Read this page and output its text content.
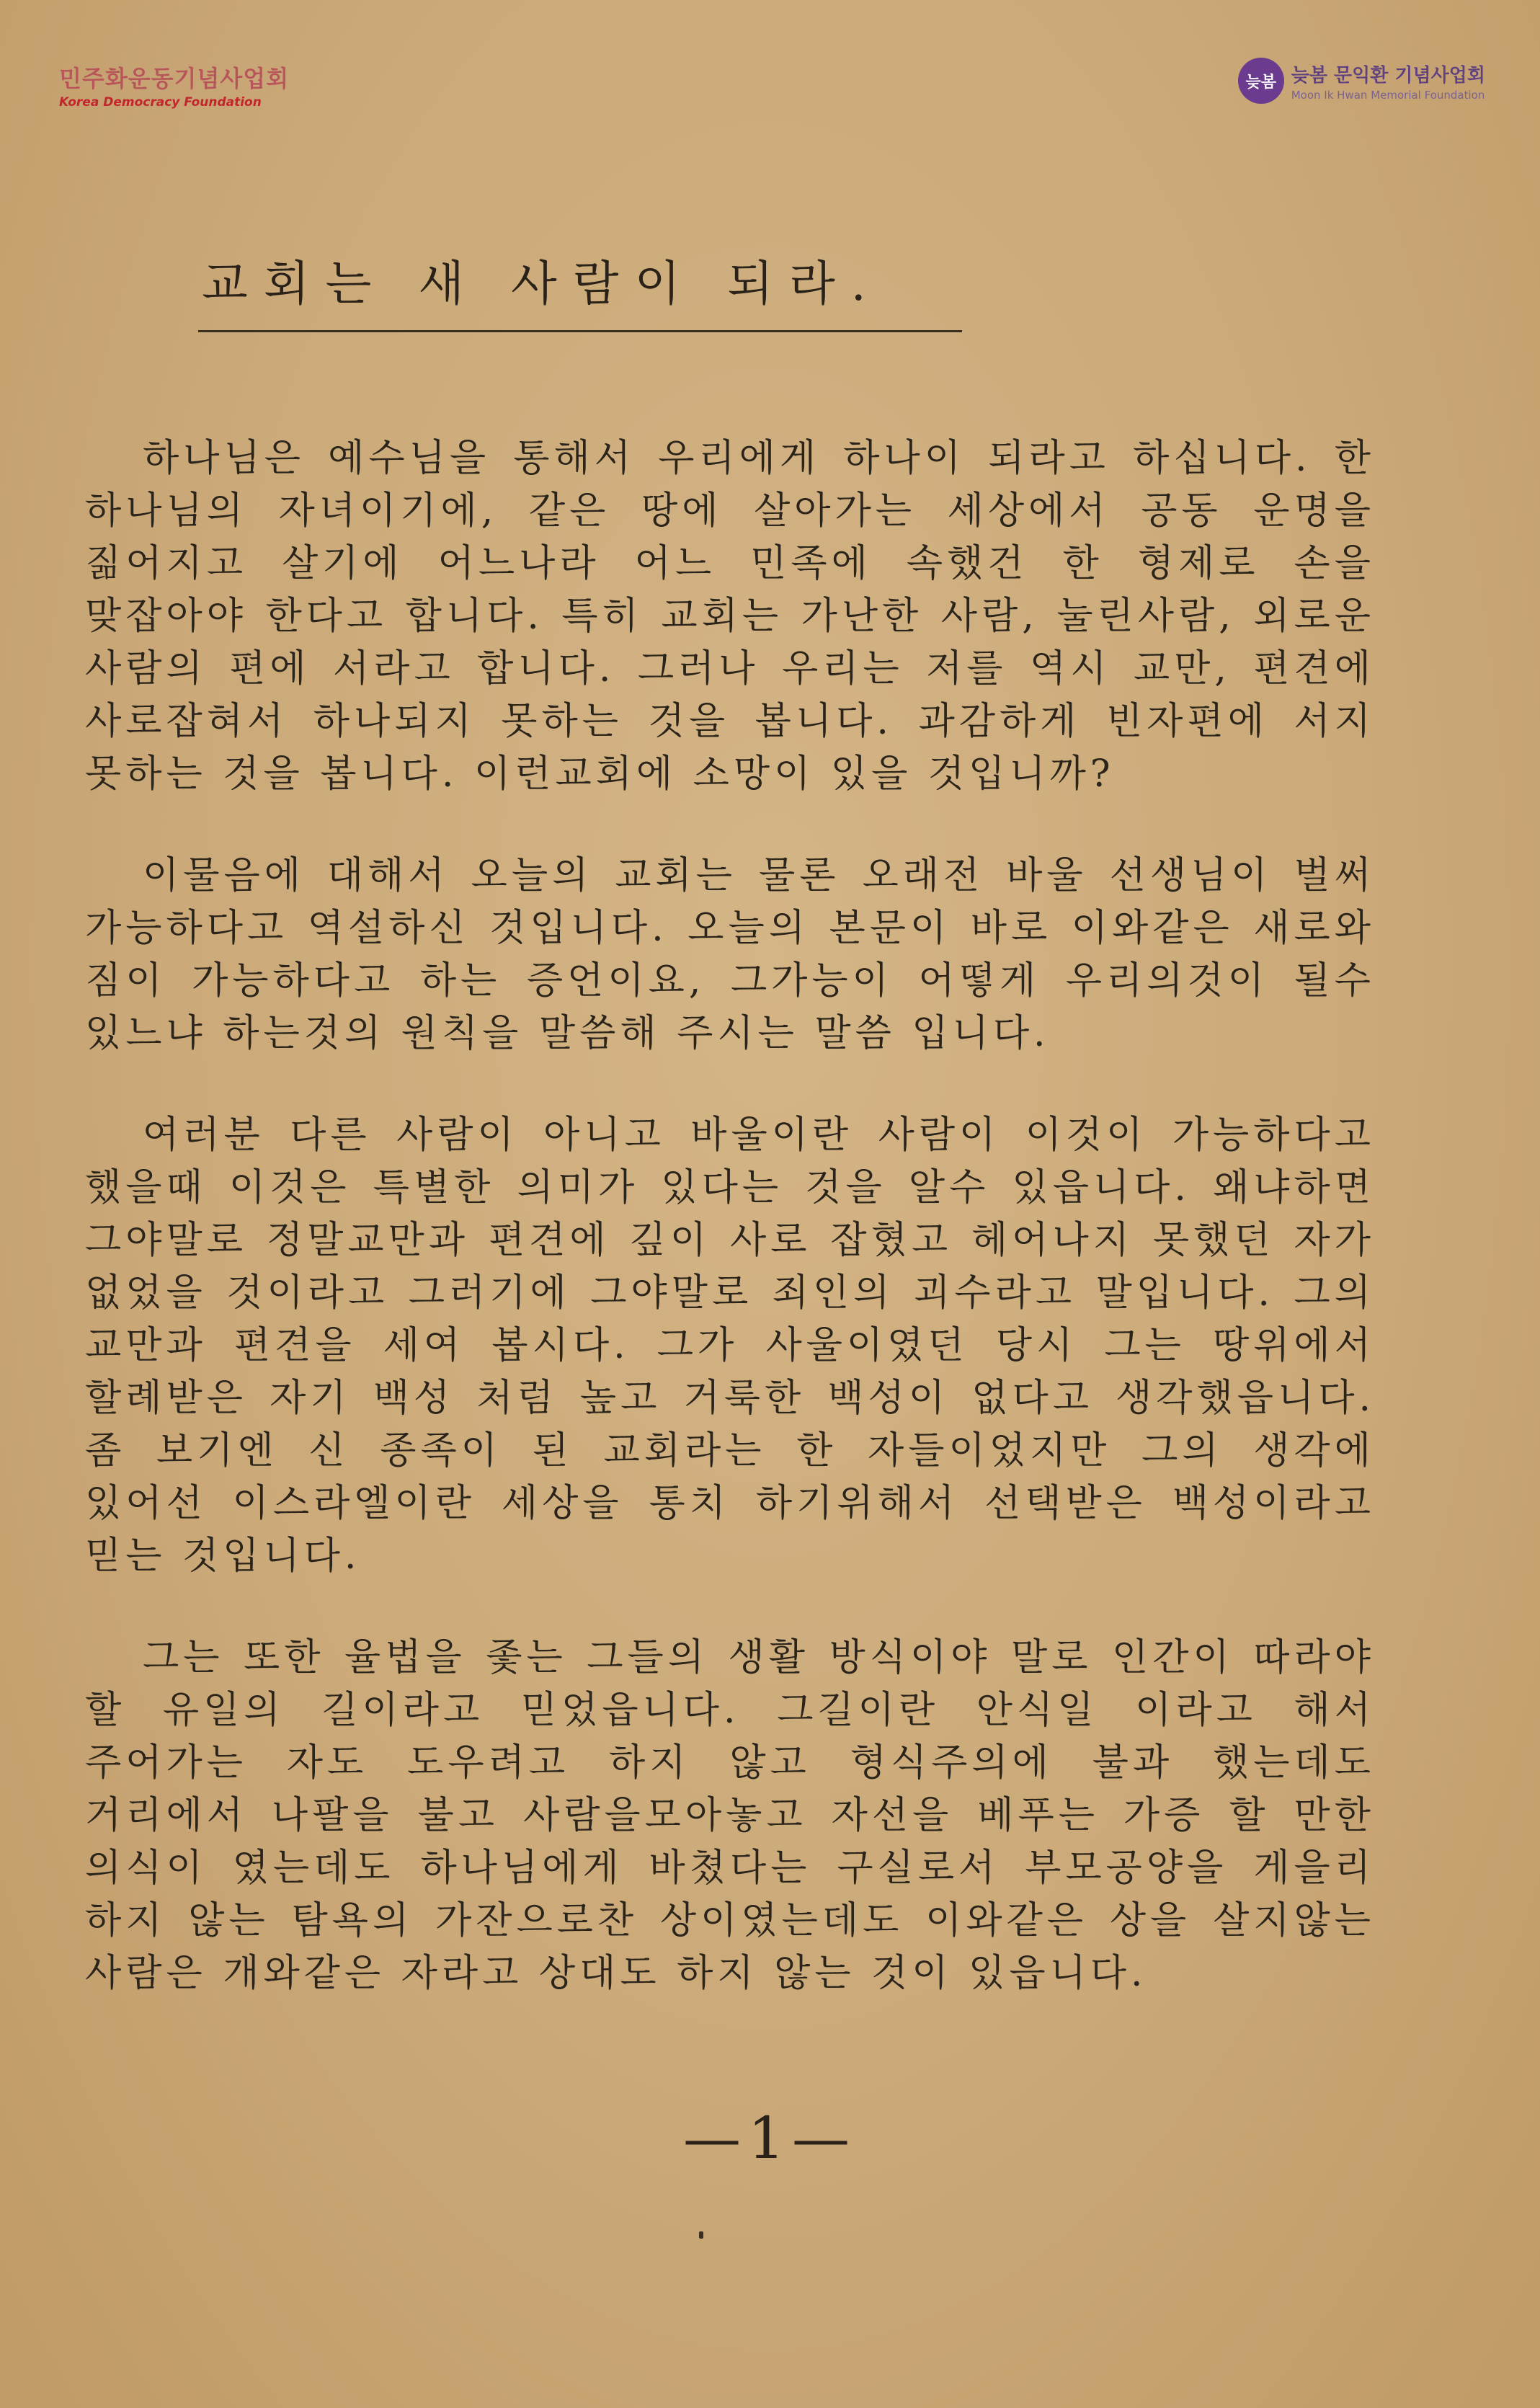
민주화운동기념사업회
Korea Democracy Foundation
늦봄 늦봄 문익환 기념사업회
Moon Ik Hwan Memorial Foundation
교회는 새 사람이 되라.

하나님은 예수님을 통해서 우리에게 하나이 되라고 하십니다. 한 하나님의 자녀이기에, 같은 땅에 살아가는 세상에서 공동 운명을 짊어지고 살기에 어느나라 어느 민족에 속했건 한 형제로 손을 맞잡아야 한다고 합니다. 특히 교회는 가난한 사람, 눌린사람, 외로운 사람의 편에 서라고 합니다. 그러나 우리는 저를 역시 교만, 편견에 사로잡혀서 하나되지 못하는 것을 봅니다. 과감하게 빈자편에 서지 못하는 것을 봅니다. 이런교회에 소망이 있을 것입니까?

이물음에 대해서 오늘의 교회는 물론 오래전 바울 선생님이 벌써 가능하다고 역설하신 것입니다. 오늘의 본문이 바로 이와같은 새로와 짐이 가능하다고 하는 증언이요, 그가능이 어떻게 우리의것이 될수 있느냐 하는것의 원칙을 말씀해 주시는 말씀 입니다.

여러분 다른 사람이 아니고 바울이란 사람이 이것이 가능하다고 했을때 이것은 특별한 의미가 있다는 것을 알수 있읍니다. 왜냐하면 그야말로 정말교만과 편견에 깊이 사로 잡혔고 헤어나지 못했던 자가 없었을 것이라고 그러기에 그야말로 죄인의 괴수라고 말입니다. 그의 교만과 편견을 세여 봅시다. 그가 사울이였던 당시 그는 땅위에서 할례받은 자기 백성 처럼 높고 거룩한 백성이 없다고 생각했읍니다. 좀 보기엔 신 종족이 된 교회라는 한 자들이었지만 그의 생각에 있어선 이스라엘이란 세상을 통치 하기위해서 선택받은 백성이라고 믿는 것입니다.

그는 또한 율법을 좇는 그들의 생활 방식이야 말로 인간이 따라야 할 유일의 길이라고 믿었읍니다. 그길이란 안식일 이라고 해서 주어가는 자도 도우려고 하지 않고 형식주의에 불과 했는데도 거리에서 나팔을 불고 사람을모아놓고 자선을 베푸는 가증 할 만한 의식이 였는데도 하나님에게 바쳤다는 구실로서 부모공양을 게을리 하지 않는 탐욕의 가잔으로찬 상이였는데도 이와같은 상을 살지않는 사람은 개와같은 자라고 상대도 하지 않는 것이 있읍니다.

—1—
